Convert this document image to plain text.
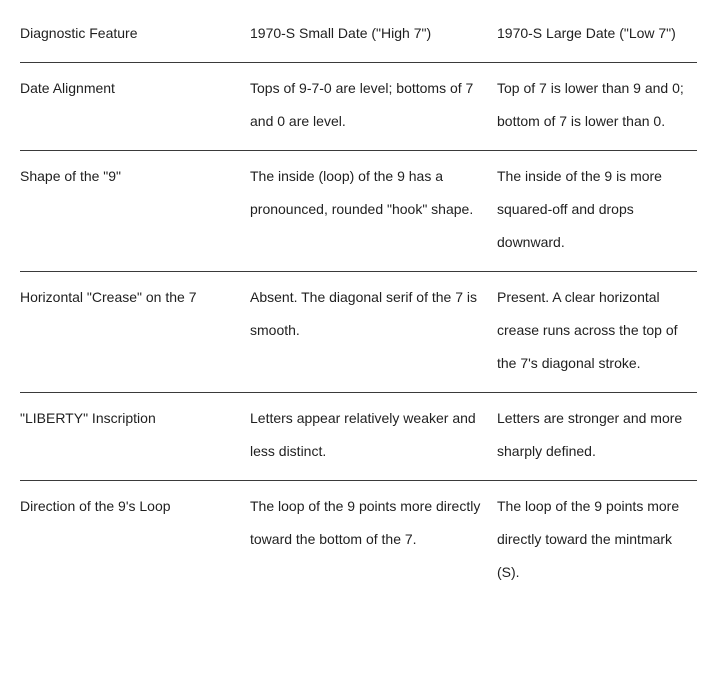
Diagnostic Feature	1970-S Small Date ("High 7")	1970-S Large Date ("Low 7")
Date Alignment	Tops of 9-7-0 are level; bottoms of 7 and 0 are level.	Top of 7 is lower than 9 and 0; bottom of 7 is lower than 0.
Shape of the "9"	The inside (loop) of the 9 has a pronounced, rounded "hook" shape.	The inside of the 9 is more squared-off and drops downward.
Horizontal "Crease" on the 7	Absent. The diagonal serif of the 7 is smooth.	Present. A clear horizontal crease runs across the top of the 7's diagonal stroke.
"LIBERTY" Inscription	Letters appear relatively weaker and less distinct.	Letters are stronger and more sharply defined.
Direction of the 9's Loop	The loop of the 9 points more directly toward the bottom of the 7.	The loop of the 9 points more directly toward the mintmark (S).
